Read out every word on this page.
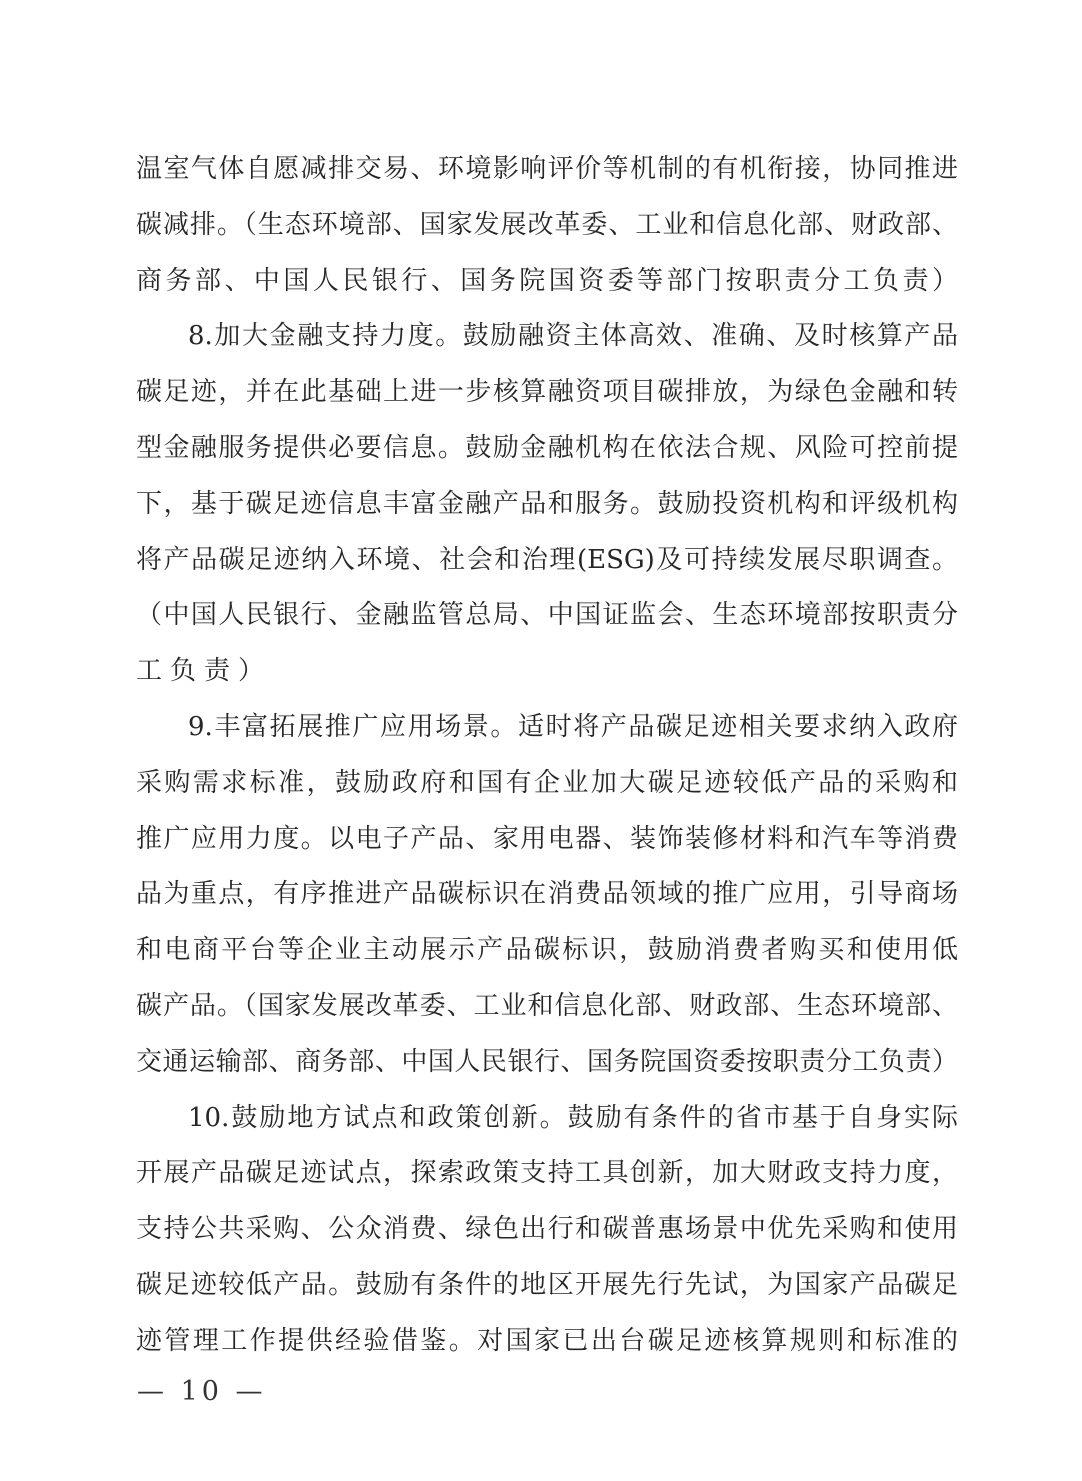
温室气体自愿减排交易、环境影响评价等机制的有机衔接，协同推进

碳减排。（生态环境部、国家发展改革委、工业和信息化部、财政部、

商务部、中国人民银行、国务院国资委等部门按职责分工负责）

8.加大金融支持力度。鼓励融资主体高效、准确、及时核算产品

碳足迹，并在此基础上进一步核算融资项目碳排放，为绿色金融和转

型金融服务提供必要信息。鼓励金融机构在依法合规、风险可控前提

下，基于碳足迹信息丰富金融产品和服务。鼓励投资机构和评级机构

将产品碳足迹纳入环境、社会和治理(ESG)及可持续发展尽职调查。

（中国人民银行、金融监管总局、中国证监会、生态环境部按职责分

工负责）

9.丰富拓展推广应用场景。适时将产品碳足迹相关要求纳入政府

采购需求标准，鼓励政府和国有企业加大碳足迹较低产品的采购和

推广应用力度。以电子产品、家用电器、装饰装修材料和汽车等消费

品为重点，有序推进产品碳标识在消费品领域的推广应用，引导商场

和电商平台等企业主动展示产品碳标识，鼓励消费者购买和使用低

碳产品。（国家发展改革委、工业和信息化部、财政部、生态环境部、

交通运输部、商务部、中国人民银行、国务院国资委按职责分工负责）

10.鼓励地方试点和政策创新。鼓励有条件的省市基于自身实际

开展产品碳足迹试点，探索政策支持工具创新，加大财政支持力度，

支持公共采购、公众消费、绿色出行和碳普惠场景中优先采购和使用

碳足迹较低产品。鼓励有条件的地区开展先行先试，为国家产品碳足

迹管理工作提供经验借鉴。对国家已出台碳足迹核算规则和标准的

— 10 —
